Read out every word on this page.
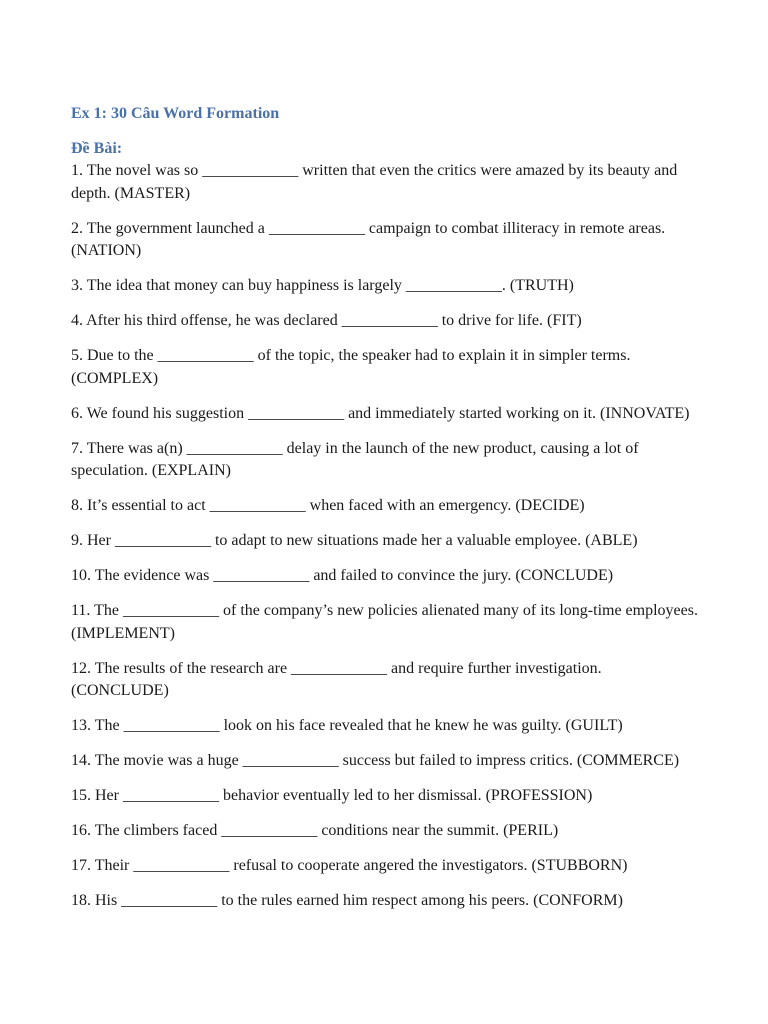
Ex 1: 30 Câu Word Formation
Đề Bài:
1. The novel was so ____________ written that even the critics were amazed by its beauty and depth. (MASTER)
2. The government launched a ____________ campaign to combat illiteracy in remote areas. (NATION)
3. The idea that money can buy happiness is largely ____________. (TRUTH)
4. After his third offense, he was declared ____________ to drive for life. (FIT)
5. Due to the ____________ of the topic, the speaker had to explain it in simpler terms. (COMPLEX)
6. We found his suggestion ____________ and immediately started working on it. (INNOVATE)
7. There was a(n) ____________ delay in the launch of the new product, causing a lot of speculation. (EXPLAIN)
8. It’s essential to act ____________ when faced with an emergency. (DECIDE)
9. Her ____________ to adapt to new situations made her a valuable employee. (ABLE)
10. The evidence was ____________ and failed to convince the jury. (CONCLUDE)
11. The ____________ of the company’s new policies alienated many of its long-time employees. (IMPLEMENT)
12. The results of the research are ____________ and require further investigation. (CONCLUDE)
13. The ____________ look on his face revealed that he knew he was guilty. (GUILT)
14. The movie was a huge ____________ success but failed to impress critics. (COMMERCE)
15. Her ____________ behavior eventually led to her dismissal. (PROFESSION)
16. The climbers faced ____________ conditions near the summit. (PERIL)
17. Their ____________ refusal to cooperate angered the investigators. (STUBBORN)
18. His ____________ to the rules earned him respect among his peers. (CONFORM)
